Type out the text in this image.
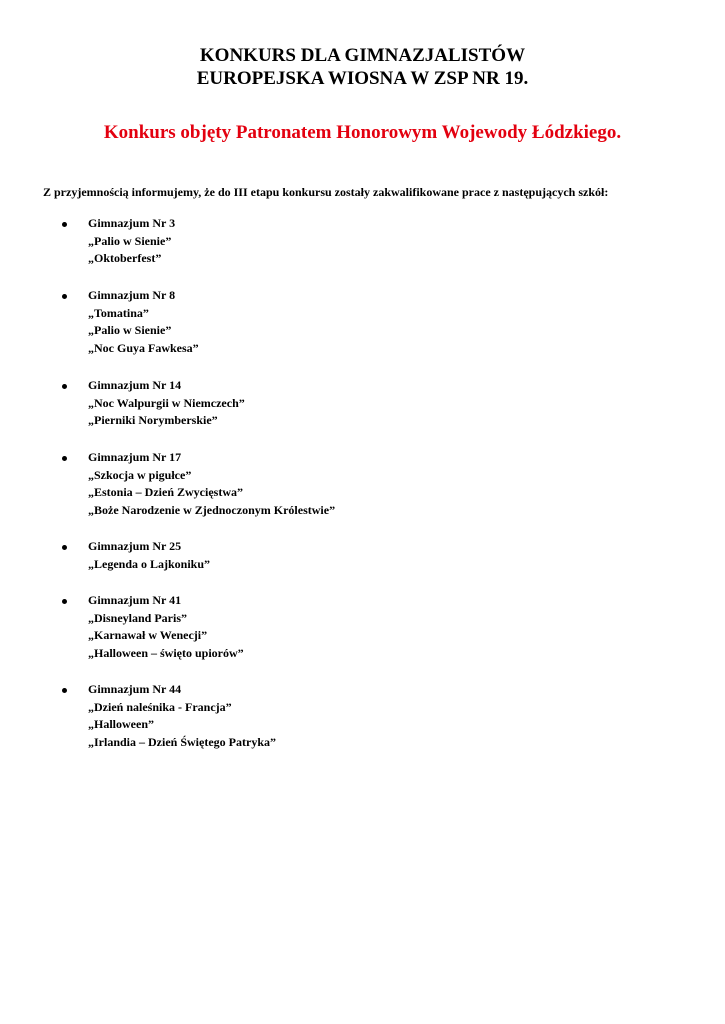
KONKURS DLA GIMNAZJALISTÓW
EUROPEJSKA WIOSNA W ZSP NR 19.
Konkurs objęty Patronatem Honorowym Wojewody Łódzkiego.
Z przyjemnością informujemy, że do III etapu konkursu zostały zakwalifikowane prace z następujących szkół:
Gimnazjum Nr 3
„Palio w Sienie”
„Oktoberfest”
Gimnazjum Nr 8
„Tomatina”
„Palio w Sienie”
„Noc Guya Fawkesa”
Gimnazjum Nr 14
„Noc Walpurgii w Niemczech”
„Pierniki Norymberskie”
Gimnazjum Nr 17
„Szkocja w pigułce”
„Estonia – Dzień Zwycięstwa”
„Boże Narodzenie w Zjednoczonym Królestwie”
Gimnazjum Nr 25
„Legenda o Lajkoniku”
Gimnazjum Nr 41
„Disneyland Paris”
„Karnawał w Wenecji”
„Halloween – święto upiorów”
Gimnazjum Nr 44
„Dzień naleśnika - Francja”
„Halloween”
„Irlandia – Dzień Świętego Patryka”
